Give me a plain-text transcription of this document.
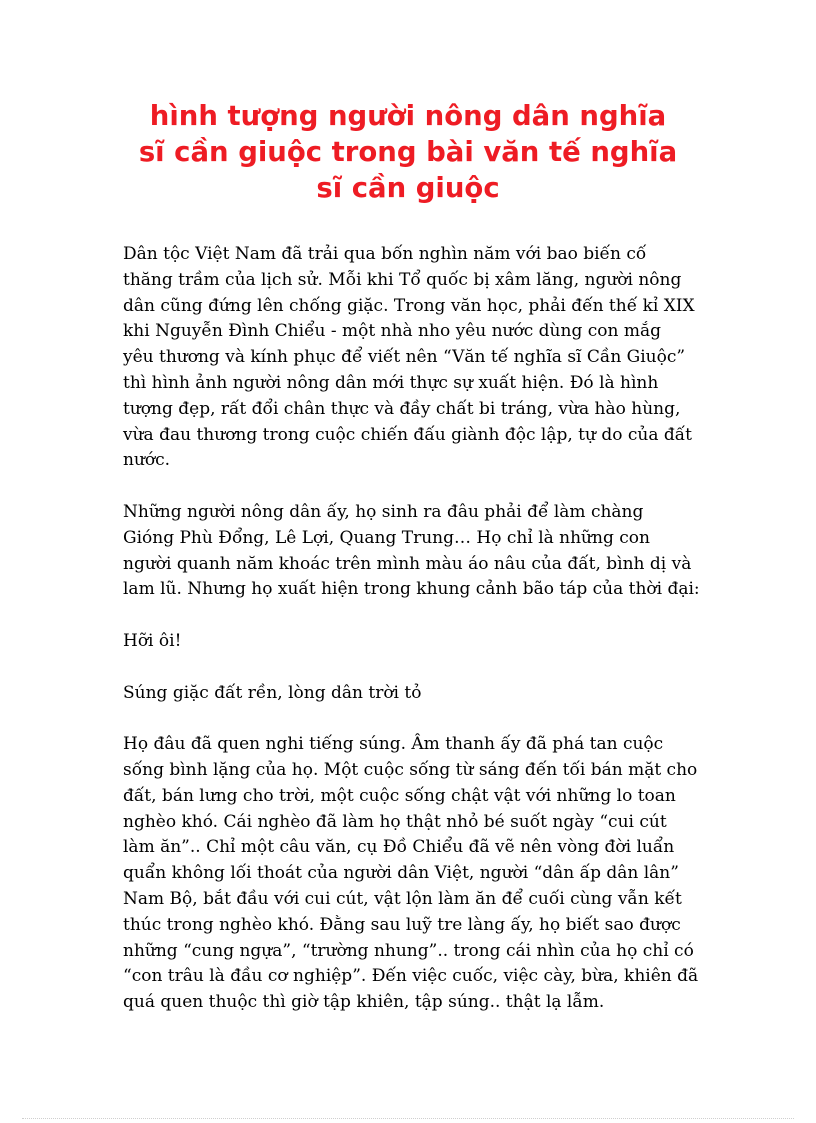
hình tượng người nông dân nghĩa
sĩ cần giuộc trong bài văn tế nghĩa
sĩ cần giuộc
Dân tộc Việt Nam đã trải qua bốn nghìn năm với bao biến cố
thăng trầm của lịch sử. Mỗi khi Tổ quốc bị xâm lăng, người nông
dân cũng đứng lên chống giặc. Trong văn học, phải đến thế kỉ XIX
khi Nguyễn Đình Chiểu - một nhà nho yêu nước dùng con mắg
yêu thương và kính phục để viết nên “Văn tế nghĩa sĩ Cần Giuộc”
thì hình ảnh người nông dân mới thực sự xuất hiện. Đó là hình
tượng đẹp, rất đổi chân thực và đầy chất bi tráng, vừa hào hùng,
vừa đau thương trong cuộc chiến đấu giành độc lập, tự do của đất
nước.
Những người nông dân ấy, họ sinh ra đâu phải để làm chàng
Gióng Phù Đổng, Lê Lợi, Quang Trung… Họ chỉ là những con
người quanh năm khoác trên mình màu áo nâu của đất, bình dị và
lam lũ. Nhưng họ xuất hiện trong khung cảnh bão táp của thời đại:
Hỡi ôi!
Súng giặc đất rền, lòng dân trời tỏ
Họ đâu đã quen nghi tiếng súng. Âm thanh ấy đã phá tan cuộc
sống bình lặng của họ. Một cuộc sống từ sáng đến tối bán mặt cho
đất, bán lưng cho trời, một cuộc sống chật vật với những lo toan
nghèo khó. Cái nghèo đã làm họ thật nhỏ bé suốt ngày “cui cút
làm ăn”.. Chỉ một câu văn, cụ Đồ Chiểu đã vẽ nên vòng đời luẩn
quẩn không lối thoát của người dân Việt, người “dân ấp dân lân”
Nam Bộ, bắt đầu với cui cút, vật lộn làm ăn để cuối cùng vẫn kết
thúc trong nghèo khó. Đằng sau luỹ tre làng ấy, họ biết sao được
những “cung ngựa”, “trường nhung”.. trong cái nhìn của họ chỉ có
“con trâu là đầu cơ nghiệp”. Đến việc cuốc, việc cày, bừa, khiên đã
quá quen thuộc thì giờ tập khiên, tập súng.. thật lạ lẫm.
